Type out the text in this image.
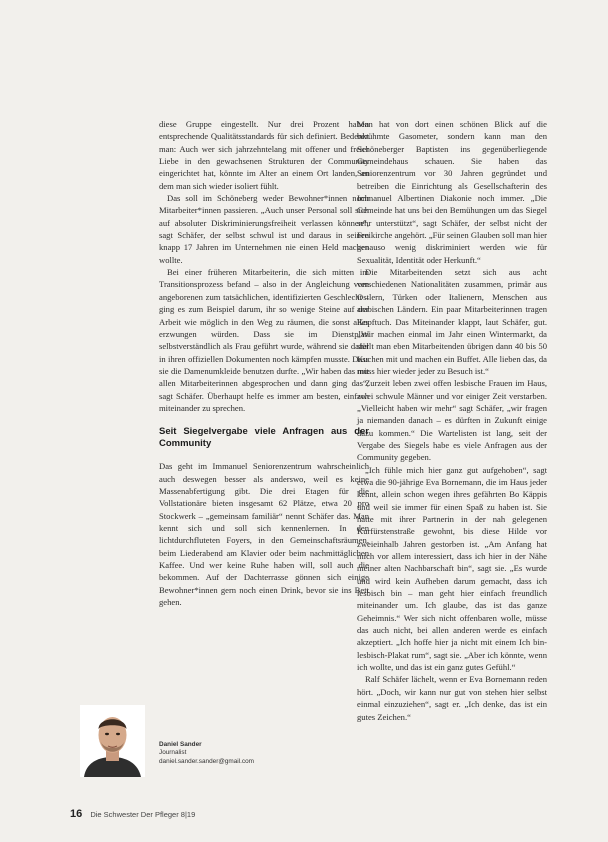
diese Gruppe eingestellt. Nur drei Prozent haben entsprechende Qualitätsstandards für sich definiert. Bedenkt man: Auch wer sich jahrzehntelang mit offener und freier Liebe in den gewachsenen Strukturen der Community eingerichtet hat, könnte im Alter an einem Ort landen, an dem man sich wieder isoliert fühlt.

Das soll im Schöneberg weder Bewohner*innen noch Mitarbeiter*innen passieren. „Auch unser Personal soll sich auf absoluter Diskriminierungsfreiheit verlassen können“, sagt Schäfer, der selbst schwul ist und daraus in seinen knapp 17 Jahren im Unternehmen nie einen Held machen wollte.

Bei einer früheren Mitarbeiterin, die sich mitten im Transitionsprozess befand – also in der Angleichung vom angeborenen zum tatsächlichen, identifizierten Geschlecht – ging es zum Beispiel darum, ihr so wenige Steine auf der Arbeit wie möglich in den Weg zu räumen, die sonst alles erzwungen würden. Dass sie im Dienstplan selbstverständlich als Frau geführt wurde, während sie dafür in ihren offiziellen Dokumenten noch kämpfen musste. Dass sie die Damenumkleide benutzen durfte. „Wir haben das mit allen Mitarbeiterinnen abgesprochen und dann ging das“, sagt Schäfer. Überhaupt helfe es immer am besten, einfach miteinander zu sprechen.

Seit Siegelvergabe viele Anfragen aus der Community

Das geht im Immanuel Seniorenzentrum wahrscheinlich auch deswegen besser als anderswo, weil es keine Massenabfertigung gibt. Die drei Etagen für die Vollstationäre bieten insgesamt 62 Plätze, etwa 20 pro Stockwerk – „gemeinsam familiär“ nennt Schäfer das. Man kennt sich und soll sich kennenlernen. In den lichtdurchfluteten Foyers, in den Gemeinschaftsräumen, beim Liederabend am Klavier oder beim nachmittäglichen Kaffee. Und wer keine Ruhe haben will, soll auch die bekommen. Auf der Dachterrasse gönnen sich einige Bewohner*innen gern noch einen Drink, bevor sie ins Bett gehen.

Man hat von dort einen schönen Blick auf die berühmte Gasometer, sondern kann man den Schöneberger Baptisten ins gegenüberliegende Gemeindehaus schauen. Sie haben das Seniorenzentrum vor 30 Jahren gegründet und betreiben die Einrichtung als Gesellschafterin des Immanuel Albertinen Diakonie noch immer. „Die Gemeinde hat uns bei den Bemühungen um das Siegel sehr unterstützt“, sagt Schäfer, der selbst nicht der Freikirche angehört. „Für seinen Glauben soll man hier genauso wenig diskriminiert werden wie für Sexualität, Identität oder Herkunft.“

Die Mitarbeitenden setzt sich aus acht verschiedenen Nationalitäten zusammen, primär aus Ostlern, Türken oder Italienern, Menschen aus arabischen Ländern. Ein paar Mitarbeiterinnen tragen Kopftuch. Das Miteinander klappt, laut Schäfer, gut. „Wir machen einmal im Jahr einen Wintermarkt, da stellt man eben Mitarbeitenden übrigen dann 40 bis 50 Kuchen mit und machen ein Buffet. Alle lieben das, da muss hier wieder jeder zu Besuch ist.“

Zurzeit leben zwei offen lesbische Frauen im Haus, zwei schwule Männer und vor einiger Zeit verstarben. „Vielleicht haben wir mehr“ sagt Schäfer, „wir fragen ja niemanden danach – es dürften in Zukunft einige dazu kommen.“ Die Wartelisten ist lang, seit der Vergabe des Siegels habe es viele Anfragen aus der Community gegeben.

„Ich fühle mich hier ganz gut aufgehoben“, sagt etwa die 90-jährige Eva Bornemann, die im Haus jeder kennt, allein schon wegen ihres gefährten Bo Käppis und weil sie immer für einen Spaß zu haben ist. Sie hatte mit ihrer Partnerin in der nah gelegenen Kurfürstenstraße gewohnt, bis diese Hilde vor zweieinhalb Jahren gestorben ist. „Am Anfang hat mich vor allem interessiert, dass ich hier in der Nähe meiner alten Nachbarschaft bin“, sagt sie. „Es wurde und wird kein Aufheben darum gemacht, dass ich lesbisch bin – man geht hier einfach freundlich miteinander um. Ich glaube, das ist das ganze Geheimnis.“ Wer sich nicht offenbaren wolle, müsse das auch nicht, bei allen anderen werde es einfach akzeptiert. „Ich hoffe hier ja nicht mit einem Ich bin-lesbisch-Plakat rum“, sagt sie. „Aber ich könnte, wenn ich wollte, und das ist ein ganz gutes Gefühl.“

Ralf Schäfer lächelt, wenn er Eva Bornemann reden hört. „Doch, wir kann nur gut von stehen hier selbst einmal einzuziehen“, sagt er. „Ich denke, das ist ein gutes Zeichen.“

Daniel Sander
Journalist
daniel.sander.sander@gmail.com
16 Die Schwester Der Pfleger 8|19
